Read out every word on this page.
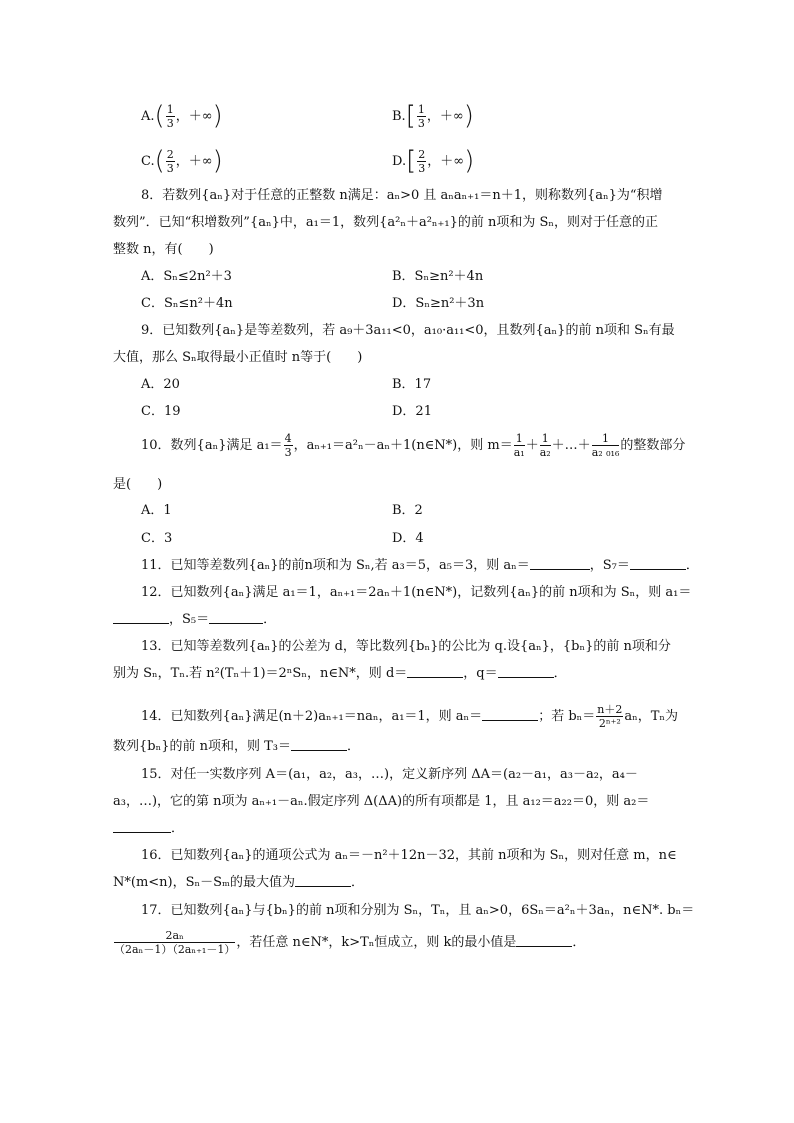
$A.( \frac{1}{3}$ ，＋∞)	$B.[ \frac{1}{3}$ ，＋∞)
$C.( \frac{2}{3}$ ，＋∞)	$D.[ \frac{2}{3}$ ，＋∞)
8．若数列{aₙ}对于任意的正整数 n满足：aₙ>0 且 aₙaₙ₊₁＝n＋1，则称数列{aₙ}为“积增
数列”．已知“积增数列”{aₙ}中，a₁＝1，数列{a²ₙ＋a²ₙ₊₁}的前 n项和为 Sₙ，则对于任意的正
整数 n，有(　　)
A．Sₙ≤2n²＋3	B．Sₙ≥n²＋4n
C．Sₙ≤n²＋4n	D．Sₙ≥n²＋3n
9．已知数列{aₙ}是等差数列，若 a₉＋3a₁₁<0，a₁₀·a₁₁<0，且数列{aₙ}的前 n项和 Sₙ有最
大值，那么 Sₙ取得最小正值时 n等于(　　)
A．20	B．17
C．19	D．21
10．数列{aₙ}满足 $a_1= \frac{4}{3}$ ，aₙ₊₁＝a²ₙ－aₙ＋1(n∈N*)，则 $m= \frac{1}{\text{a₁}} + \frac{1}{\text{a₂}}$ ＋…＋ $\frac{1}{\text{a₂ ₀₁₆}}$ 的整数部分
是(　　)
A．1	B．2
C．3	D．4
11．已知等差数列{aₙ}的前n项和为 Sₙ,若 a₃＝5，a₅＝3，则 aₙ＝	，S₇＝	．
12．已知数列{aₙ}满足 a₁＝1，aₙ₊₁＝2aₙ＋1(n∈N*)，记数列{aₙ}的前 n项和为 Sₙ，则 a₁＝
，S₅＝	．
13．已知等差数列{aₙ}的公差为 d，等比数列{bₙ}的公比为 q.设{aₙ}，{bₙ}的前 n项和分
别为 Sₙ，Tₙ.若 n²(Tₙ＋1)＝2ⁿSₙ，n∈N*，则 d＝	，q＝	．
14．已知数列{aₙ}满足(n＋2)aₙ₊₁＝naₙ，a₁＝1，则 aₙ＝	；若 $b_n= \frac{n+2}{\text{2ⁿ⁺²}}$ aₙ，Tₙ为
数列{bₙ}的前 n项和，则 T₃＝	．
15．对任一实数序列 A＝(a₁，a₂，a₃，…)，定义新序列 ΔA＝(a₂－a₁，a₃－a₂，a₄－
a₃，…)，它的第 n项为 aₙ₊₁－aₙ.假定序列 Δ(ΔA)的所有项都是 1，且 a₁₂＝a₂₂＝0，则 a₂＝
．
16．已知数列{aₙ}的通项公式为 aₙ＝－n²＋12n－32，其前 n项和为 Sₙ，则对任意 m，n∈
N*(m<n)，Sₙ－Sₘ的最大值为	．
17．已知数列{aₙ}与{bₙ}的前 n项和分别为 Sₙ，Tₙ，且 aₙ>0，6Sₙ＝a²ₙ＋3aₙ，n∈N*. bₙ＝
$\frac{\text{2aₙ}}{\text{（2aₙ－1）（2aₙ₊₁－1）}}$ ，若任意 n∈N*，k>Tₙ恒成立，则 k的最小值是	．
